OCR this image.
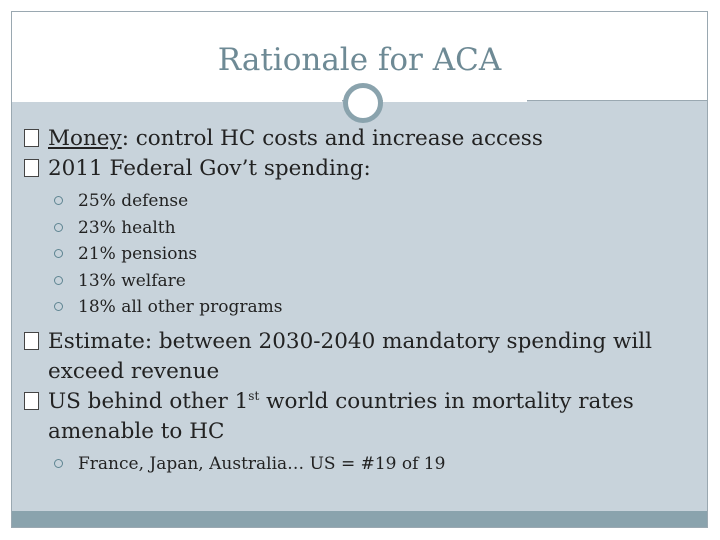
Rationale for ACA
Money: control HC costs and increase access
2011 Federal Gov’t spending:
25% defense
23% health
21% pensions
13% welfare
18% all other programs
Estimate: between 2030-2040 mandatory spending will exceed revenue
US behind other 1st world countries in mortality rates amenable to HC
France, Japan, Australia… US = #19 of 19
